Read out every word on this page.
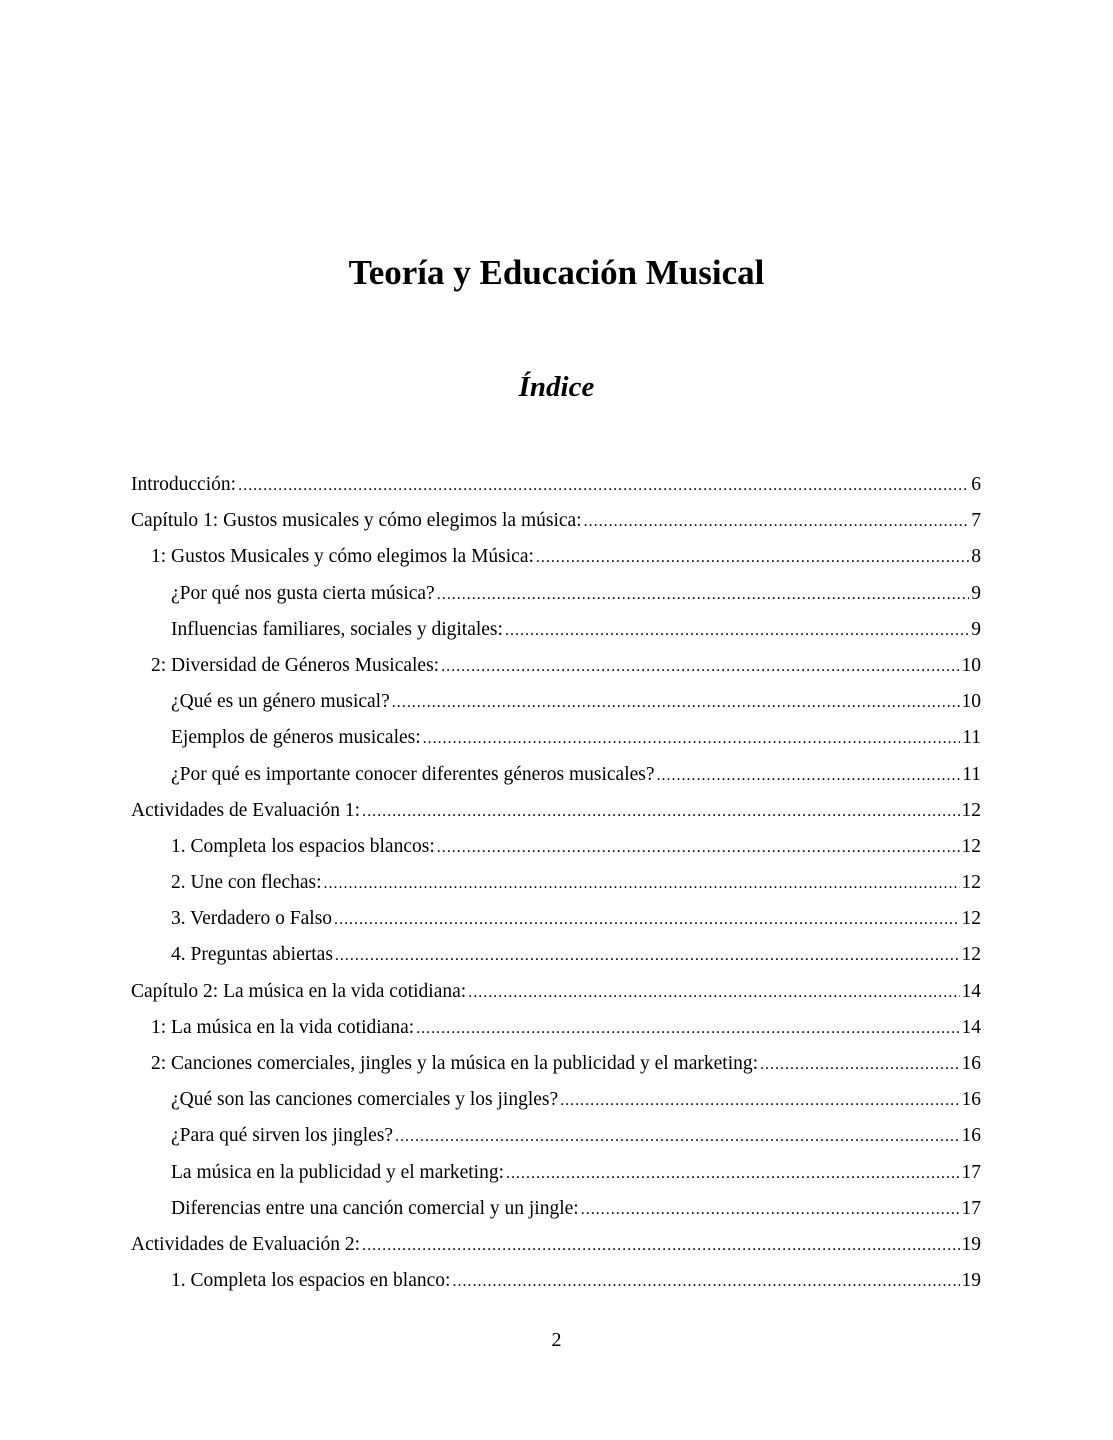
Teoría y Educación Musical
Índice
Introducción: .....	6
Capítulo 1: Gustos musicales y cómo elegimos la música: .....	7
1: Gustos Musicales y cómo elegimos la Música: .....	8
¿Por qué nos gusta cierta música? .....	9
Influencias familiares, sociales y digitales: .....	9
2: Diversidad de Géneros Musicales: .....	10
¿Qué es un género musical? .....	10
Ejemplos de géneros musicales: .....	11
¿Por qué es importante conocer diferentes géneros musicales? .....	11
Actividades de Evaluación 1: .....	12
1. Completa los espacios blancos: .....	12
2. Une con flechas: .....	12
3. Verdadero o Falso .....	12
4. Preguntas abiertas .....	12
Capítulo 2: La música en la vida cotidiana: .....	14
1: La música en la vida cotidiana: .....	14
2: Canciones comerciales, jingles y la música en la publicidad y el marketing: .....	16
¿Qué son las canciones comerciales y los jingles? .....	16
¿Para qué sirven los jingles? .....	16
La música en la publicidad y el marketing: .....	17
Diferencias entre una canción comercial y un jingle: .....	17
Actividades de Evaluación 2: .....	19
1. Completa los espacios en blanco: .....	19
2
